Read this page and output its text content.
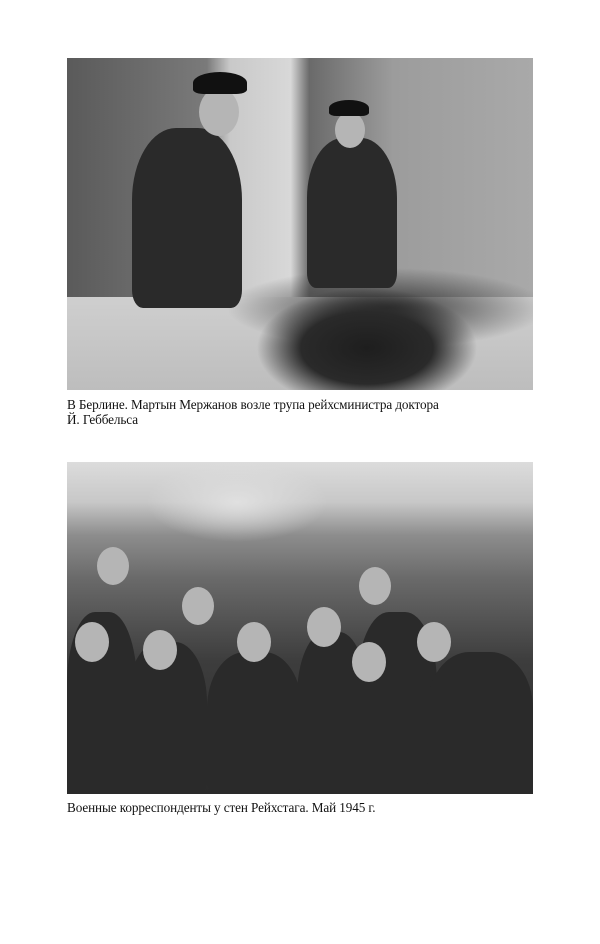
В Берлине. Мартын Мержанов возле трупа рейхсминистра доктора
Й. Геббельса
Военные корреспонденты у стен Рейхстага. Май 1945 г.
